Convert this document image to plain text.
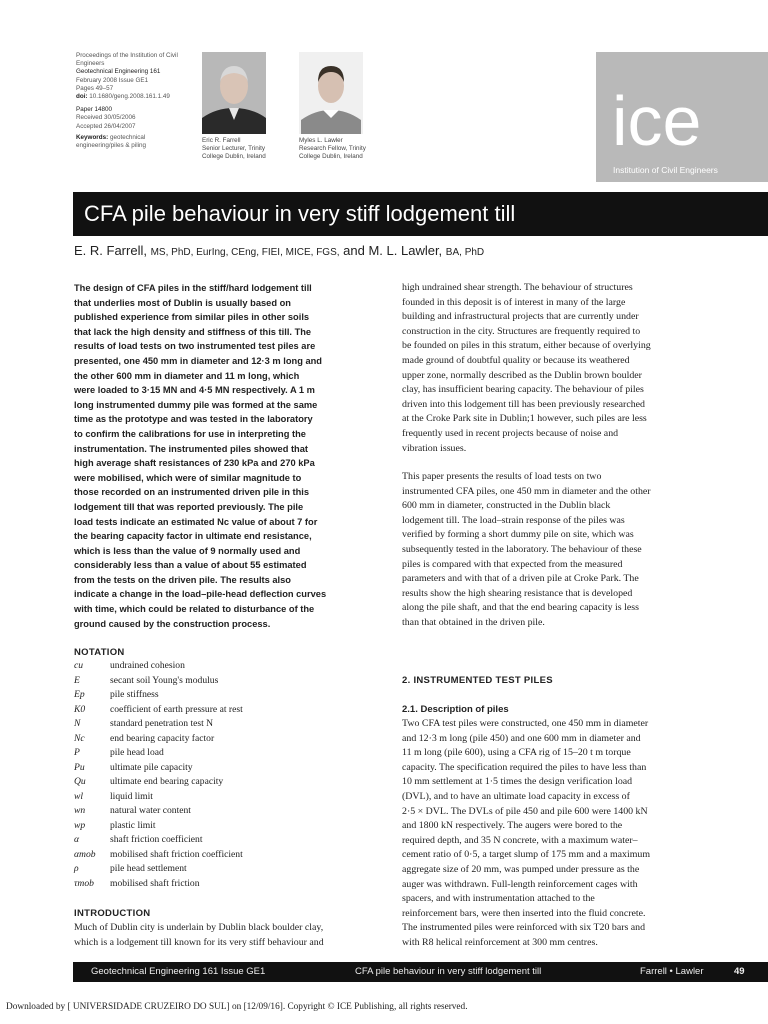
Proceedings of the Institution of Civil Engineers
Geotechnical Engineering 161
February 2008 Issue GE1
Pages 49–57
doi: 10.1680/geng.2008.161.1.49
Paper 14800
Received 30/05/2006
Accepted 26/04/2007
Keywords: geotechnical engineering/piles & piling
Eric R. Farrell
Senior Lecturer, Trinity
College Dublin, Ireland
Myles L. Lawler
Research Fellow, Trinity
College Dublin, Ireland	ice
Institution of Civil Engineers
CFA pile behaviour in very stiff lodgement till
E. R. Farrell, MS, PhD, EurIng, CEng, FIEI, MICE, FGS, and M. L. Lawler, BA, PhD
The design of CFA piles in the stiff/hard lodgement till
that underlies most of Dublin is usually based on
published experience from similar piles in other soils
that lack the high density and stiffness of this till. The
results of load tests on two instrumented test piles are
presented, one 450 mm in diameter and 12·3 m long and
the other 600 mm in diameter and 11 m long, which
were loaded to 3·15 MN and 4·5 MN respectively. A 1 m
long instrumented dummy pile was formed at the same
time as the prototype and was tested in the laboratory
to confirm the calibrations for use in interpreting the
instrumentation. The instrumented piles showed that
high average shaft resistances of 230 kPa and 270 kPa
were mobilised, which were of similar magnitude to
those recorded on an instrumented driven pile in this
lodgement till that was reported previously. The pile
load tests indicate an estimated Nc value of about 7 for
the bearing capacity factor in ultimate end resistance,
which is less than the value of 9 normally used and
considerably less than a value of about 55 estimated
from the tests on the driven pile. The results also
indicate a change in the load–pile-head deflection curves
with time, which could be related to disturbance of the
ground caused by the construction process.
NOTATION
cu	undrained cohesion
E	secant soil Young's modulus
Ep	pile stiffness
K0	coefficient of earth pressure at rest
N	standard penetration test N
Nc	end bearing capacity factor
P	pile head load
Pu	ultimate pile capacity
Qu	ultimate end bearing capacity
wl	liquid limit
wn	natural water content
wp	plastic limit
α	shaft friction coefficient
αmob mobilised shaft friction coefficient
ρ	pile head settlement
τmob mobilised shaft friction
INTRODUCTION
Much of Dublin city is underlain by Dublin black boulder clay,
which is a lodgement till known for its very stiff behaviour and
high undrained shear strength. The behaviour of structures
founded in this deposit is of interest in many of the large
building and infrastructural projects that are currently under
construction in the city. Structures are frequently required to
be founded on piles in this stratum, either because of overlying
made ground of doubtful quality or because its weathered
upper zone, normally described as the Dublin brown boulder
clay, has insufficient bearing capacity. The behaviour of piles
driven into this lodgement till has been previously researched
at the Croke Park site in Dublin;1 however, such piles are less
frequently used in recent projects because of noise and
vibration issues.
This paper presents the results of load tests on two
instrumented CFA piles, one 450 mm in diameter and the other
600 mm in diameter, constructed in the Dublin black
lodgement till. The load–strain response of the piles was
verified by forming a short dummy pile on site, which was
subsequently tested in the laboratory. The behaviour of these
piles is compared with that expected from the measured
parameters and with that of a driven pile at Croke Park. The
results show the high shearing resistance that is developed
along the pile shaft, and that the end bearing capacity is less
than that obtained in the driven pile.
2. INSTRUMENTED TEST PILES
2.1. Description of piles
Two CFA test piles were constructed, one 450 mm in diameter
and 12·3 m long (pile 450) and one 600 mm in diameter and
11 m long (pile 600), using a CFA rig of 15–20 t m torque
capacity. The specification required the piles to have less than
10 mm settlement at 1·5 times the design verification load
(DVL), and to have an ultimate load capacity in excess of
2·5 × DVL. The DVLs of pile 450 and pile 600 were 1400 kN
and 1800 kN respectively. The augers were bored to the
required depth, and 35 N concrete, with a maximum water–
cement ratio of 0·5, a target slump of 175 mm and a maximum
aggregate size of 20 mm, was pumped under pressure as the
auger was withdrawn. Full-length reinforcement cages with
spacers, and with instrumentation attached to the
reinforcement bars, were then inserted into the fluid concrete.
The instrumented piles were reinforced with six T20 bars and
with R8 helical reinforcement at 300 mm centres.
Geotechnical Engineering 161 Issue GE1	CFA pile behaviour in very stiff lodgement till	Farrell • Lawler	49
Downloaded by [ UNIVERSIDADE CRUZEIRO DO SUL] on [12/09/16]. Copyright © ICE Publishing, all rights reserved.
